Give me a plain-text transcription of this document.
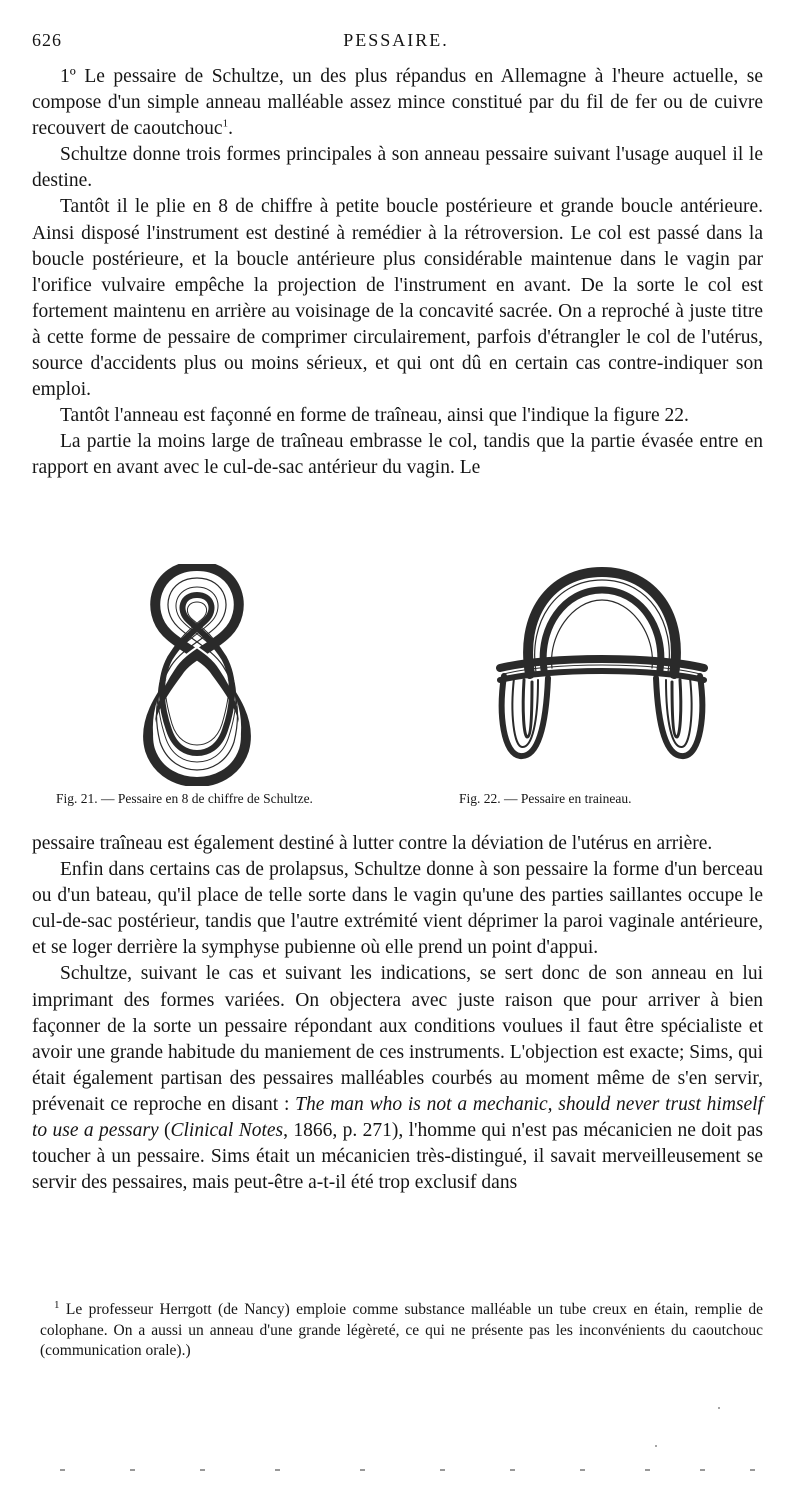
626	PESSAIRE.

1º Le pessaire de Schultze, un des plus répandus en Allemagne à l'heure actuelle, se compose d'un simple anneau malléable assez mince constitué par du fil de fer ou de cuivre recouvert de caoutchouc$^1$.

Schultze donne trois formes principales à son anneau pessaire suivant l'usage auquel il le destine.

Tantôt il le plie en 8 de chiffre à petite boucle postérieure et grande boucle antérieure. Ainsi disposé l'instrument est destiné à remédier à la rétroversion. Le col est passé dans la boucle postérieure, et la boucle antérieure plus considérable maintenue dans le vagin par l'orifice vulvaire empêche la projection de l'instrument en avant. De la sorte le col est fortement maintenu en arrière au voisinage de la concavité sacrée. On a reproché à juste titre à cette forme de pessaire de comprimer circulairement, parfois d'étrangler le col de l'utérus, source d'accidents plus ou moins sérieux, et qui ont dû en certain cas contre-indiquer son emploi.

Tantôt l'anneau est façonné en forme de traîneau, ainsi que l'indique la figure 22.

La partie la moins large de traîneau embrasse le col, tandis que la partie évasée entre en rapport en avant avec le cul-de-sac antérieur du vagin. Le

Fig. 21. — Pessaire en 8 de chiffre de Schultze.	Fig. 22. — Pessaire en traineau.

pessaire traîneau est également destiné à lutter contre la déviation de l'utérus en arrière.

Enfin dans certains cas de prolapsus, Schultze donne à son pessaire la forme d'un berceau ou d'un bateau, qu'il place de telle sorte dans le vagin qu'une des parties saillantes occupe le cul-de-sac postérieur, tandis que l'autre extrémité vient déprimer la paroi vaginale antérieure, et se loger derrière la symphyse pubienne où elle prend un point d'appui.

Schultze, suivant le cas et suivant les indications, se sert donc de son anneau en lui imprimant des formes variées. On objectera avec juste raison que pour arriver à bien façonner de la sorte un pessaire répondant aux conditions voulues il faut être spécialiste et avoir une grande habitude du maniement de ces instruments. L'objection est exacte; Sims, qui était également partisan des pessaires malléables courbés au moment même de s'en servir, prévenait ce reproche en disant : The man who is not a mechanic, should never trust himself to use a pessary (Clinical Notes, 1866, p. 271), l'homme qui n'est pas mécanicien ne doit pas toucher à un pessaire. Sims était un mécanicien très-distingué, il savait merveilleusement se servir des pessaires, mais peut-être a-t-il été trop exclusif dans

$^1$ Le professeur Herrgott (de Nancy) emploie comme substance malléable un tube creux en étain, remplie de colophane. On a aussi un anneau d'une grande légèreté, ce qui ne présente pas les inconvénients du caoutchouc (communication orale).)
